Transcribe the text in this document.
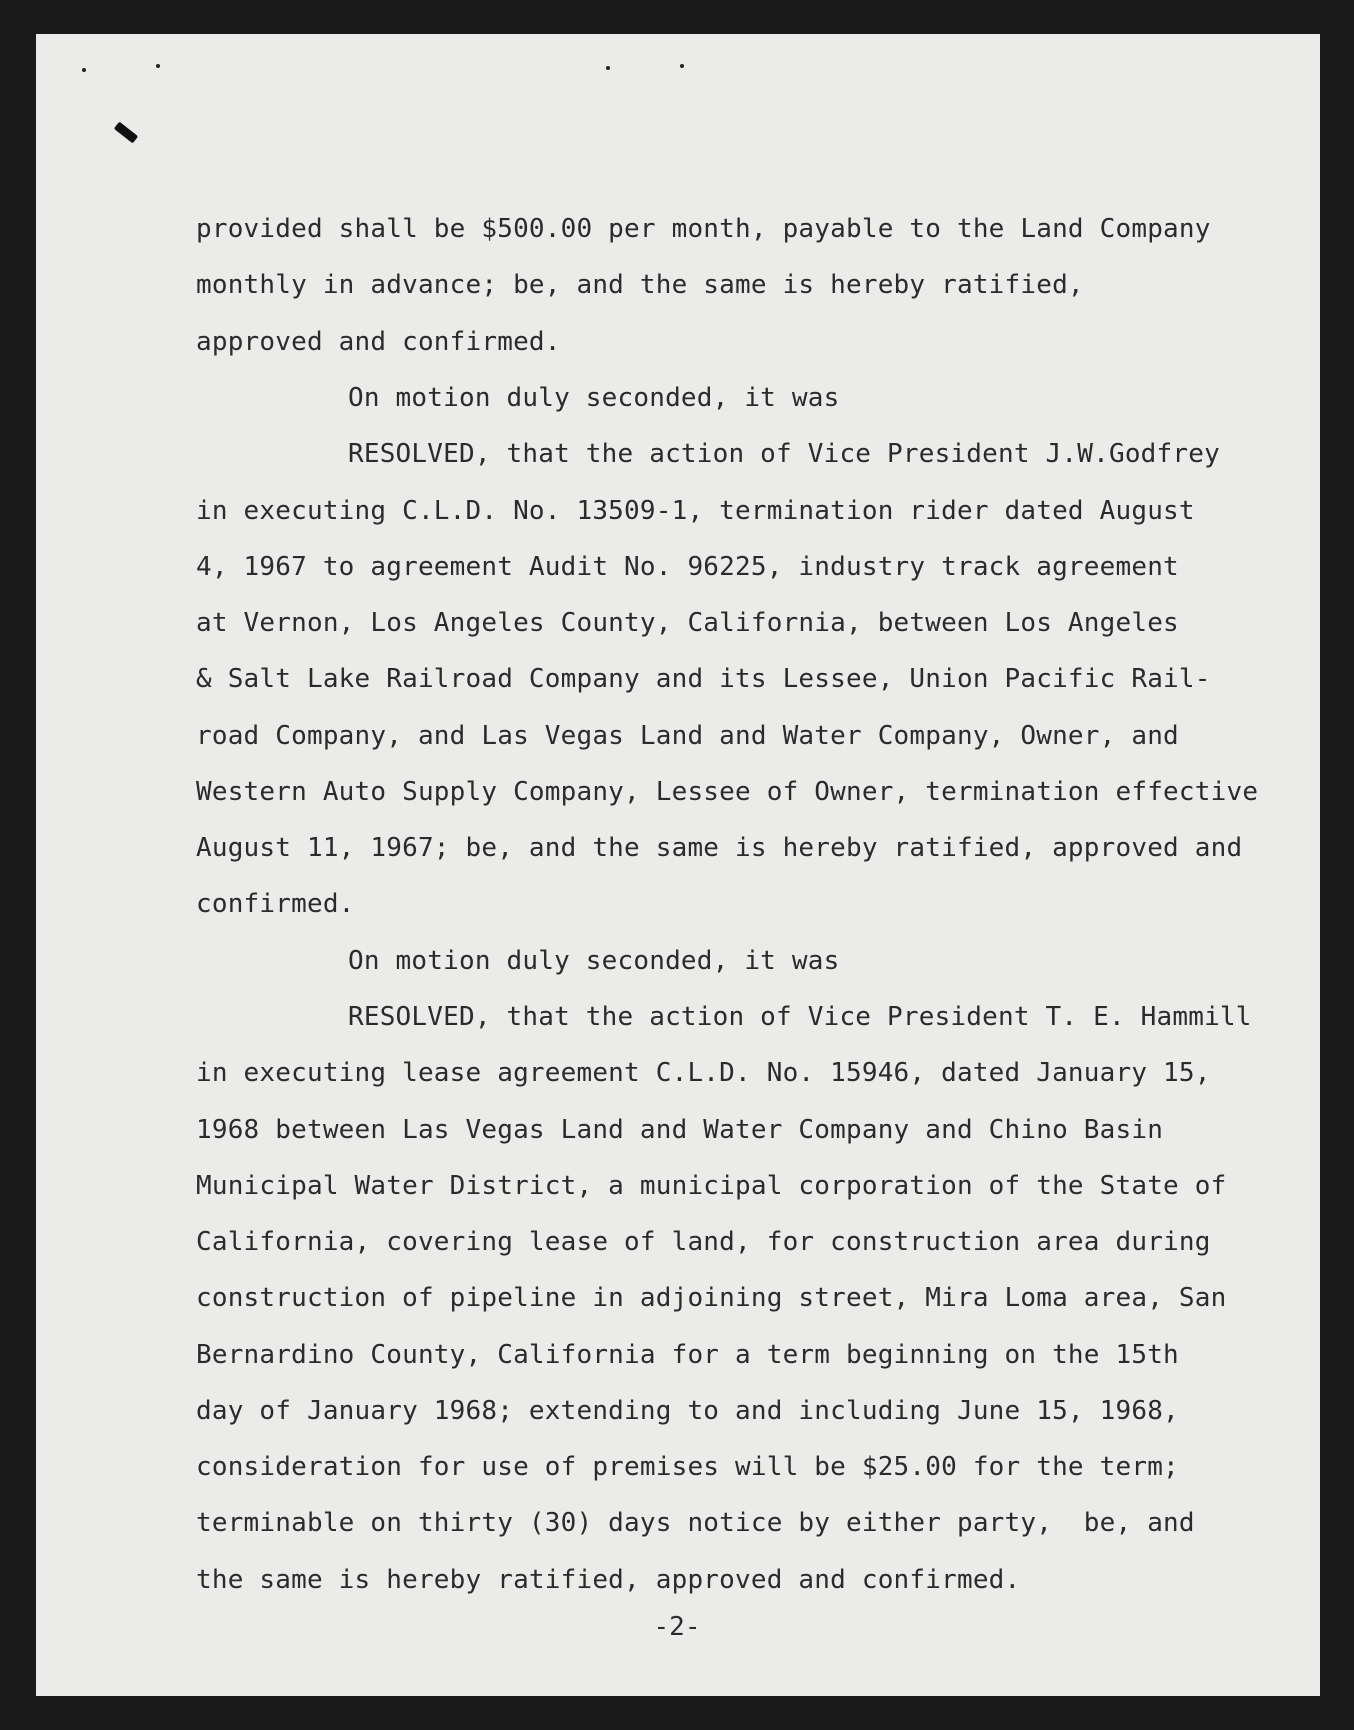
provided shall be $500.00 per month, payable to the Land Company
monthly in advance; be, and the same is hereby ratified,
approved and confirmed.
On motion duly seconded, it was
RESOLVED, that the action of Vice President J.W.Godfrey
in executing C.L.D. No. 13509-1, termination rider dated August
4, 1967 to agreement Audit No. 96225, industry track agreement
at Vernon, Los Angeles County, California, between Los Angeles
& Salt Lake Railroad Company and its Lessee, Union Pacific Rail-
road Company, and Las Vegas Land and Water Company, Owner, and
Western Auto Supply Company, Lessee of Owner, termination effective
August 11, 1967; be, and the same is hereby ratified, approved and
confirmed.
On motion duly seconded, it was
RESOLVED, that the action of Vice President T. E. Hammill
in executing lease agreement C.L.D. No. 15946, dated January 15,
1968 between Las Vegas Land and Water Company and Chino Basin
Municipal Water District, a municipal corporation of the State of
California, covering lease of land, for construction area during
construction of pipeline in adjoining street, Mira Loma area, San
Bernardino County, California for a term beginning on the 15th
day of January 1968; extending to and including June 15, 1968,
consideration for use of premises will be $25.00 for the term;
terminable on thirty (30) days notice by either party,  be, and
the same is hereby ratified, approved and confirmed.
-2-
